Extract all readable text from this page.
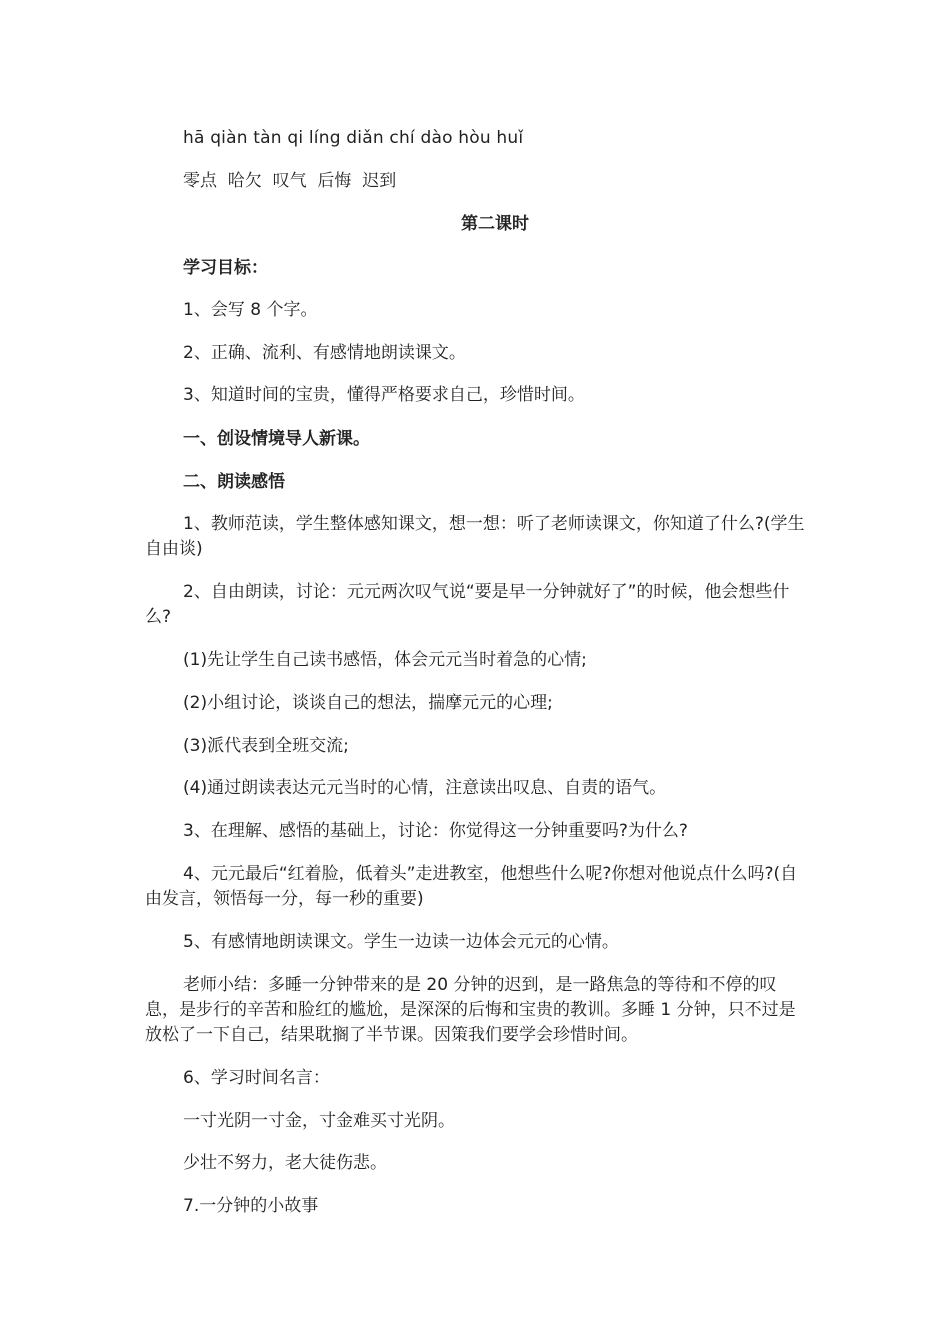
hā qiàn tàn qi líng diǎn chí dào hòu huǐ
零点  哈欠  叹气  后悔  迟到
第二课时
学习目标：
1、会写 8 个字。
2、正确、流利、有感情地朗读课文。
3、知道时间的宝贵，懂得严格要求自己，珍惜时间。
一、创设情境导人新课。
二、朗读感悟
1、教师范读，学生整体感知课文，想一想：听了老师读课文，你知道了什么?(学生自由谈)
2、自由朗读，讨论：元元两次叹气说“要是早一分钟就好了”的时候，他会想些什么?
(1)先让学生自己读书感悟，体会元元当时着急的心情;
(2)小组讨论，谈谈自己的想法，揣摩元元的心理;
(3)派代表到全班交流;
(4)通过朗读表达元元当时的心情，注意读出叹息、自责的语气。
3、在理解、感悟的基础上，讨论：你觉得这一分钟重要吗?为什么?
4、元元最后“红着脸，低着头”走进教室，他想些什么呢?你想对他说点什么吗?(自由发言，领悟每一分，每一秒的重要)
5、有感情地朗读课文。学生一边读一边体会元元的心情。
老师小结：多睡一分钟带来的是 20 分钟的迟到，是一路焦急的等待和不停的叹息，是步行的辛苦和脸红的尴尬，是深深的后悔和宝贵的教训。多睡 1 分钟，只不过是放松了一下自己，结果耽搁了半节课。因策我们要学会珍惜时间。
6、学习时间名言：
一寸光阴一寸金，寸金难买寸光阴。
少壮不努力，老大徒伤悲。
7.一分钟的小故事
